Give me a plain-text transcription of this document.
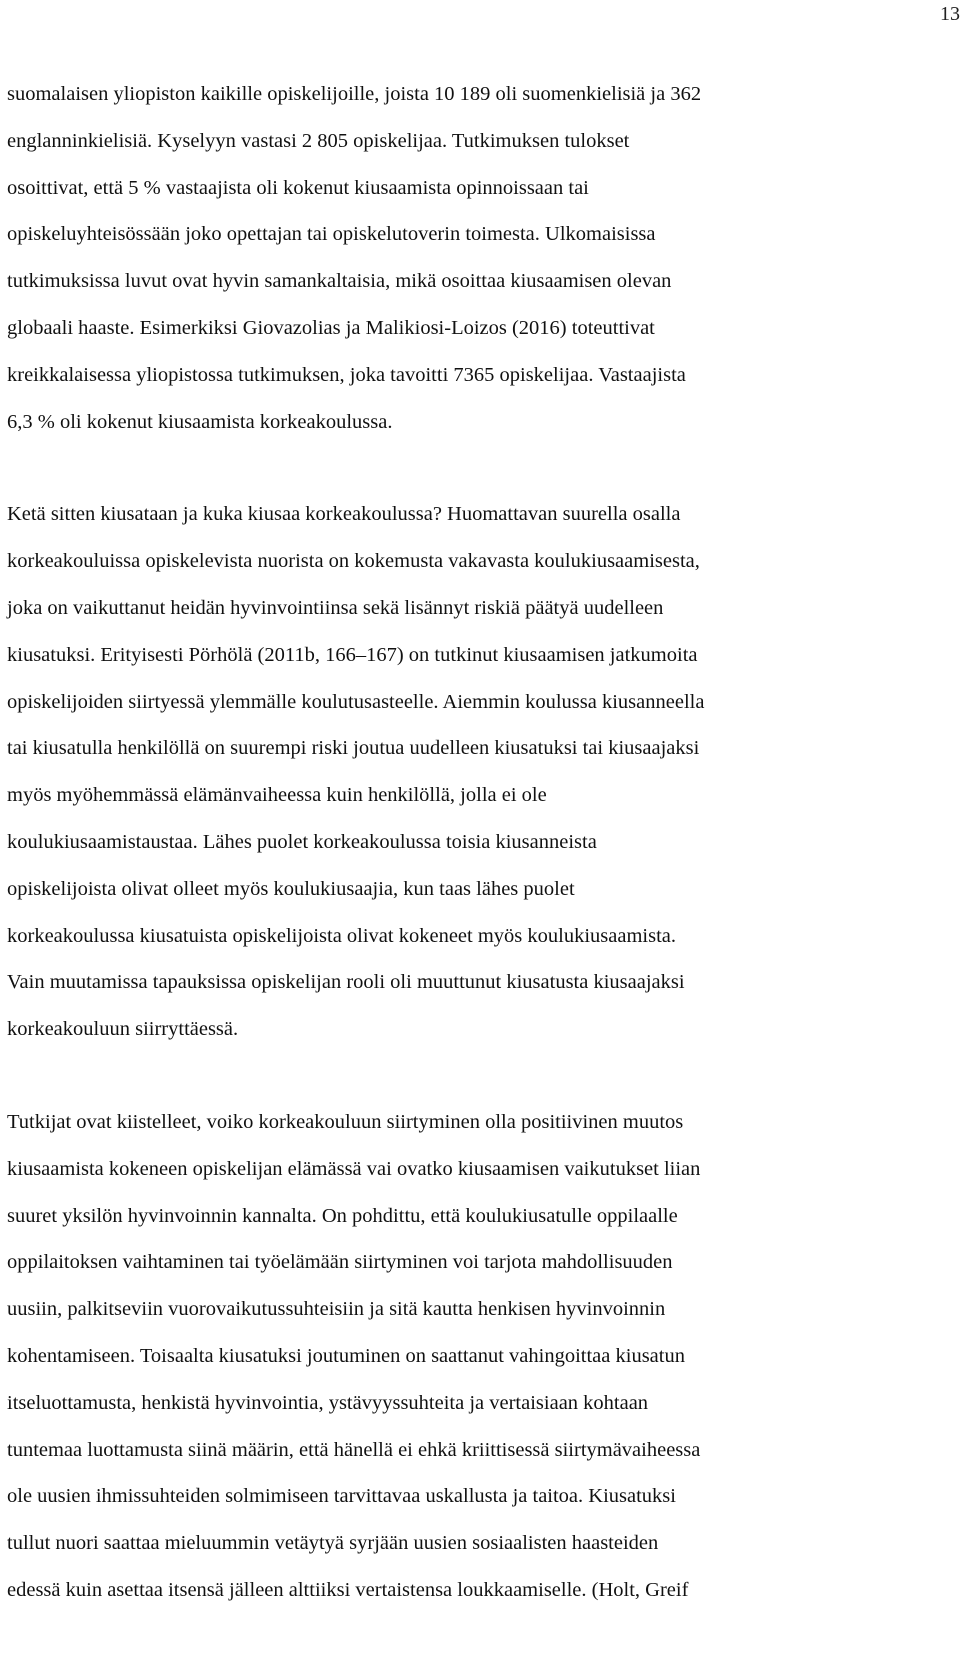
13

suomalaisen yliopiston kaikille opiskelijoille, joista 10 189 oli suomenkielisiä ja 362
englanninkielisiä. Kyselyyn vastasi 2 805 opiskelijaa. Tutkimuksen tulokset
osoittivat, että 5 % vastaajista oli kokenut kiusaamista opinnoissaan tai
opiskeluyhteisössään joko opettajan tai opiskelutoverin toimesta. Ulkomaisissa
tutkimuksissa luvut ovat hyvin samankaltaisia, mikä osoittaa kiusaamisen olevan
globaali haaste. Esimerkiksi Giovazolias ja Malikiosi-Loizos (2016) toteuttivat
kreikkalaisessa yliopistossa tutkimuksen, joka tavoitti 7365 opiskelijaa. Vastaajista
6,3 % oli kokenut kiusaamista korkeakoulussa.

Ketä sitten kiusataan ja kuka kiusaa korkeakoulussa? Huomattavan suurella osalla
korkeakouluissa opiskelevista nuorista on kokemusta vakavasta koulukiusaamisesta,
joka on vaikuttanut heidän hyvinvointiinsa sekä lisännyt riskiä päätyä uudelleen
kiusatuksi. Erityisesti Pörhölä (2011b, 166–167) on tutkinut kiusaamisen jatkumoita
opiskelijoiden siirtyessä ylemmälle koulutusasteelle. Aiemmin koulussa kiusanneella
tai kiusatulla henkilöllä on suurempi riski joutua uudelleen kiusatuksi tai kiusaajaksi
myös myöhemmässä elämänvaiheessa kuin henkilöllä, jolla ei ole
koulukiusaamistaustaa. Lähes puolet korkeakoulussa toisia kiusanneista
opiskelijoista olivat olleet myös koulukiusaajia, kun taas lähes puolet
korkeakoulussa kiusatuista opiskelijoista olivat kokeneet myös koulukiusaamista.
Vain muutamissa tapauksissa opiskelijan rooli oli muuttunut kiusatusta kiusaajaksi
korkeakouluun siirryttäessä.

Tutkijat ovat kiistelleet, voiko korkeakouluun siirtyminen olla positiivinen muutos
kiusaamista kokeneen opiskelijan elämässä vai ovatko kiusaamisen vaikutukset liian
suuret yksilön hyvinvoinnin kannalta. On pohdittu, että koulukiusatulle oppilaalle
oppilaitoksen vaihtaminen tai työelämään siirtyminen voi tarjota mahdollisuuden
uusiin, palkitseviin vuorovaikutussuhteisiin ja sitä kautta henkisen hyvinvoinnin
kohentamiseen. Toisaalta kiusatuksi joutuminen on saattanut vahingoittaa kiusatun
itseluottamusta, henkistä hyvinvointia, ystävyyssuhteita ja vertaisiaan kohtaan
tuntemaa luottamusta siinä määrin, että hänellä ei ehkä kriittisessä siirtymävaiheessa
ole uusien ihmissuhteiden solmimiseen tarvittavaa uskallusta ja taitoa. Kiusatuksi
tullut nuori saattaa mieluummin vetäytyä syrjään uusien sosiaalisten haasteiden
edessä kuin asettaa itsensä jälleen alttiiksi vertaistensa loukkaamiselle. (Holt, Greif
